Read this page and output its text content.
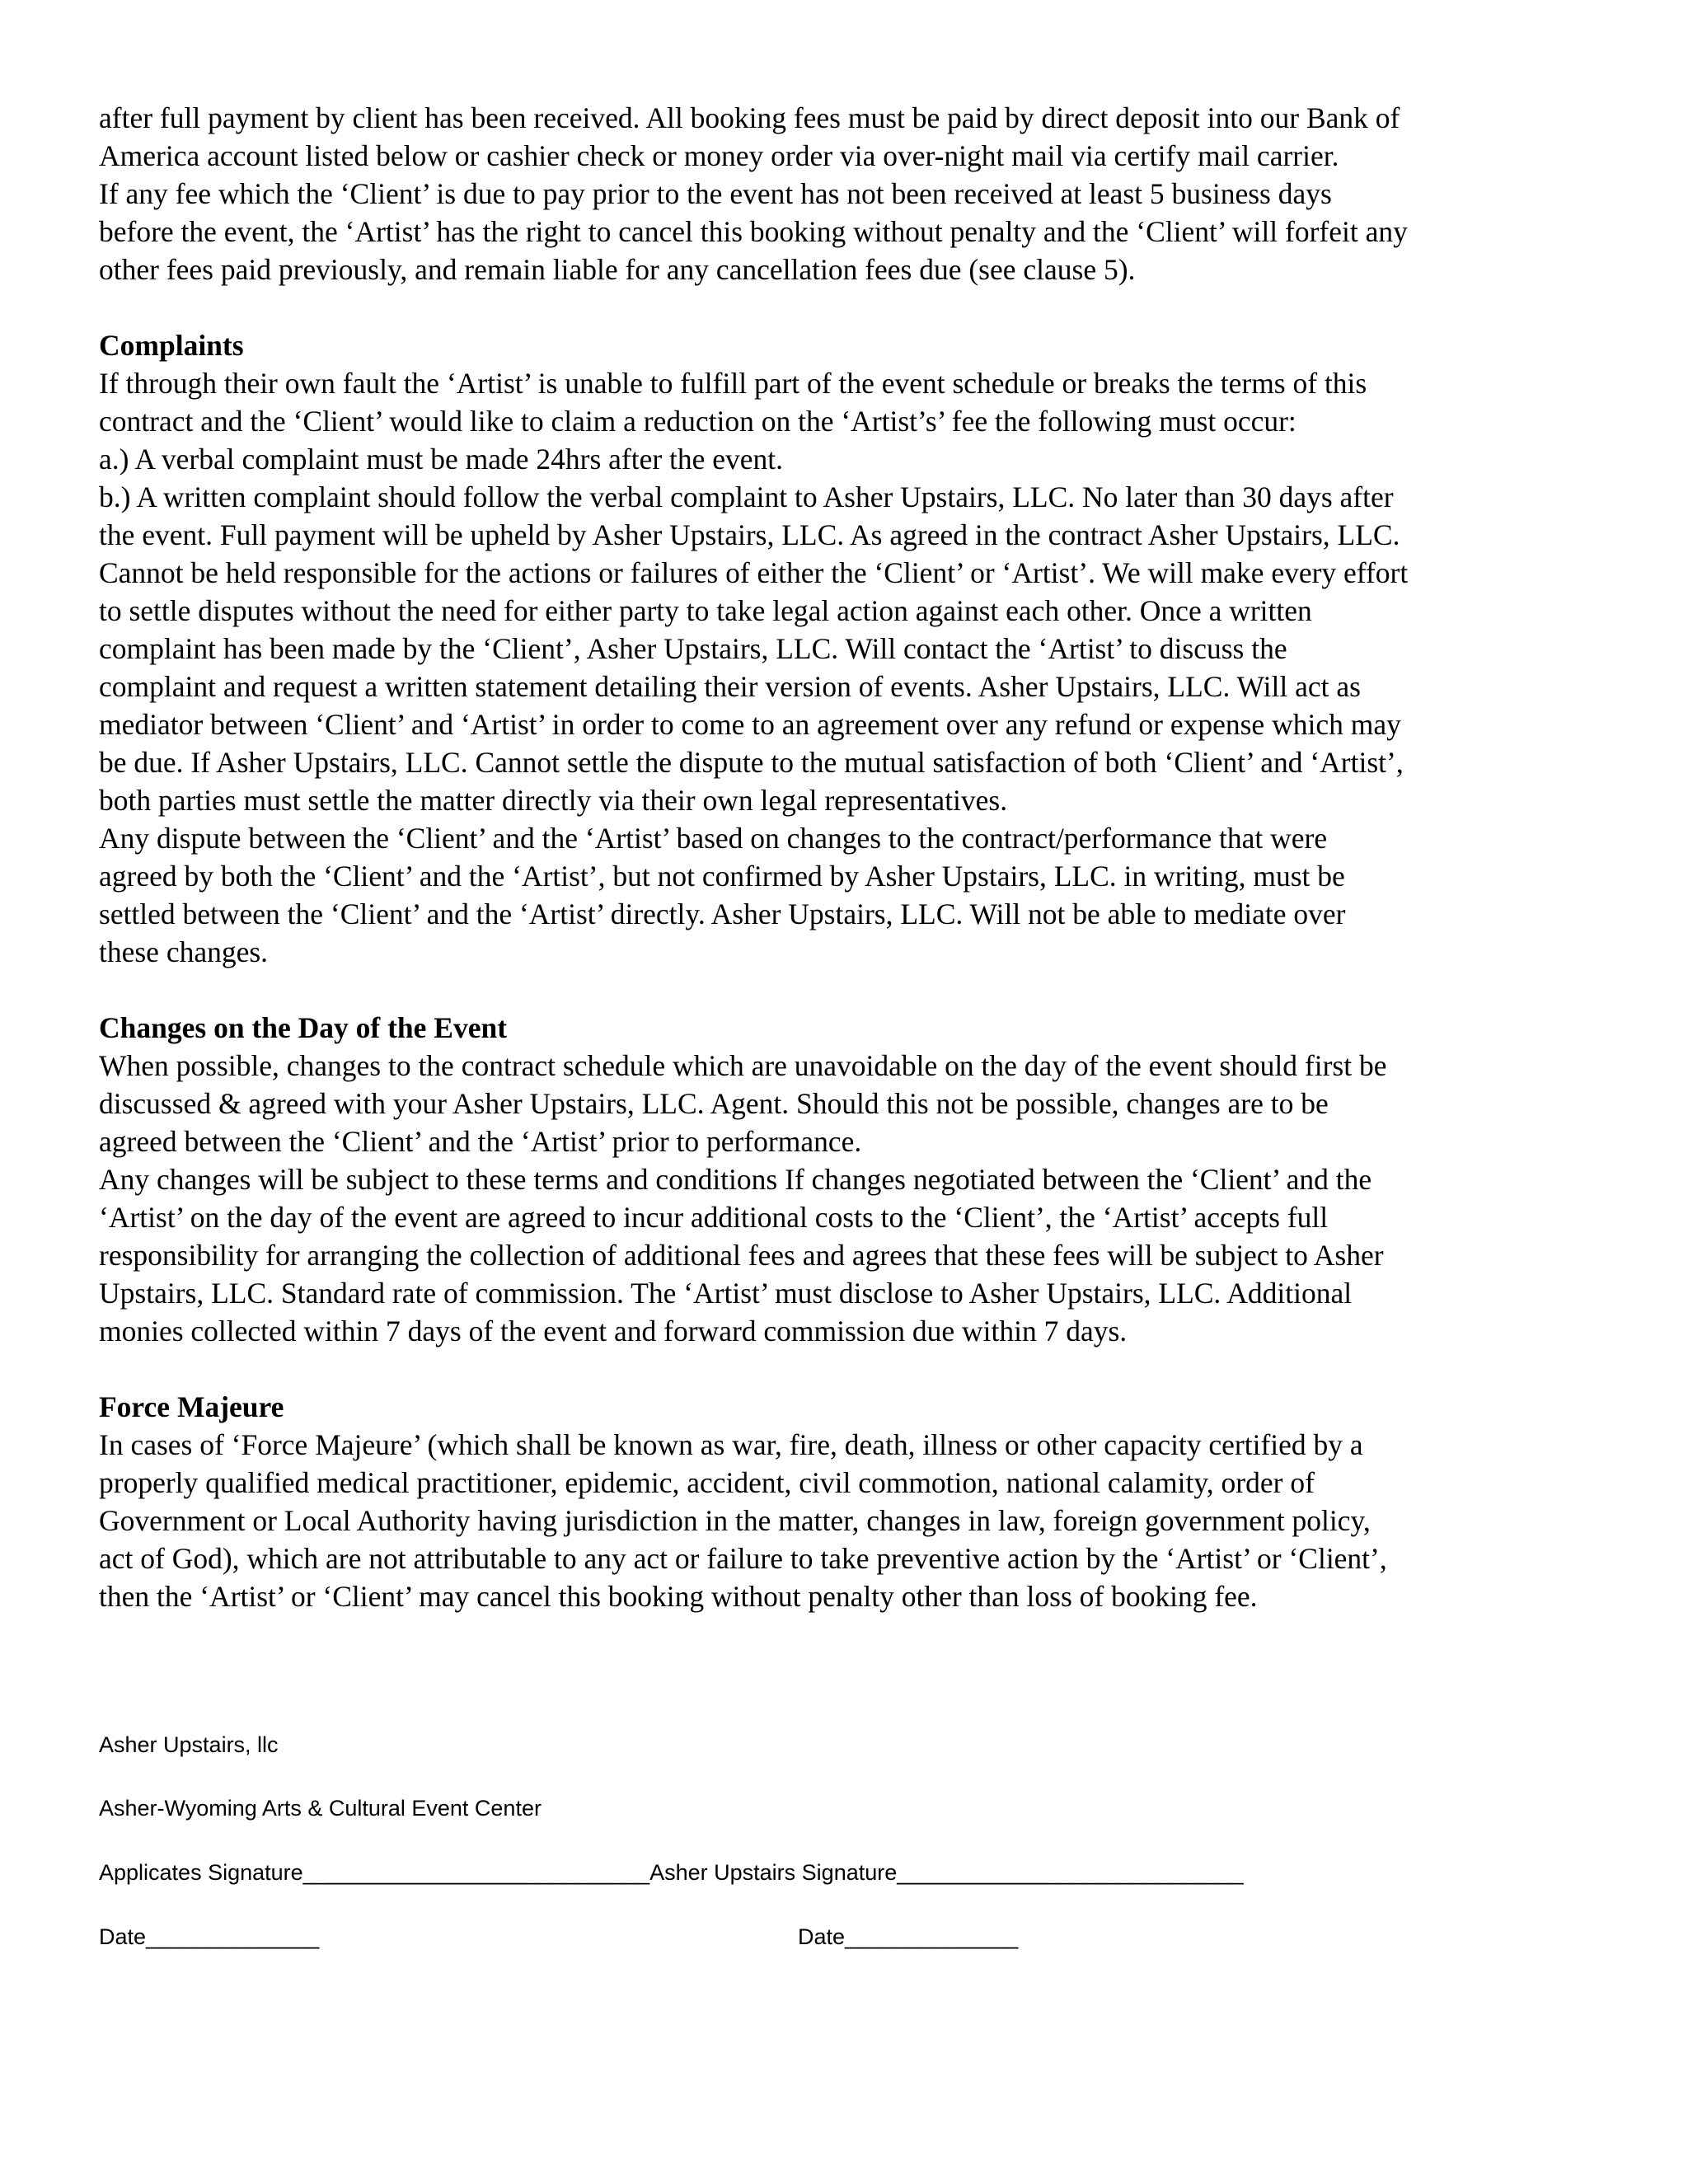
after full payment by client has been received. All booking fees must be paid by direct deposit into our Bank of
America account listed below or cashier check or money order via over-night mail via certify mail carrier.
If any fee which the ‘Client’ is due to pay prior to the event has not been received at least 5 business days
before the event, the ‘Artist’ has the right to cancel this booking without penalty and the ‘Client’ will forfeit any
other fees paid previously, and remain liable for any cancellation fees due (see clause 5).
Complaints
If through their own fault the ‘Artist’ is unable to fulfill part of the event schedule or breaks the terms of this
contract and the ‘Client’ would like to claim a reduction on the ‘Artist’s’ fee the following must occur:
a.) A verbal complaint must be made 24hrs after the event.
b.) A written complaint should follow the verbal complaint to Asher Upstairs, LLC. No later than 30 days after
the event. Full payment will be upheld by Asher Upstairs, LLC. As agreed in the contract Asher Upstairs, LLC.
Cannot be held responsible for the actions or failures of either the ‘Client’ or ‘Artist’. We will make every effort
to settle disputes without the need for either party to take legal action against each other. Once a written
complaint has been made by the ‘Client’, Asher Upstairs, LLC. Will contact the ‘Artist’ to discuss the
complaint and request a written statement detailing their version of events. Asher Upstairs, LLC. Will act as
mediator between ‘Client’ and ‘Artist’ in order to come to an agreement over any refund or expense which may
be due. If Asher Upstairs, LLC. Cannot settle the dispute to the mutual satisfaction of both ‘Client’ and ‘Artist’,
both parties must settle the matter directly via their own legal representatives.
Any dispute between the ‘Client’ and the ‘Artist’ based on changes to the contract/performance that were
agreed by both the ‘Client’ and the ‘Artist’, but not confirmed by Asher Upstairs, LLC. in writing, must be
settled between the ‘Client’ and the ‘Artist’ directly. Asher Upstairs, LLC. Will not be able to mediate over
these changes.
Changes on the Day of the Event
When possible, changes to the contract schedule which are unavoidable on the day of the event should first be
discussed & agreed with your Asher Upstairs, LLC. Agent. Should this not be possible, changes are to be
agreed between the ‘Client’ and the ‘Artist’ prior to performance.
Any changes will be subject to these terms and conditions If changes negotiated between the ‘Client’ and the
‘Artist’ on the day of the event are agreed to incur additional costs to the ‘Client’, the ‘Artist’ accepts full
responsibility for arranging the collection of additional fees and agrees that these fees will be subject to Asher
Upstairs, LLC. Standard rate of commission. The ‘Artist’ must disclose to Asher Upstairs, LLC. Additional
monies collected within 7 days of the event and forward commission due within 7 days.
Force Majeure
In cases of ‘Force Majeure’ (which shall be known as war, fire, death, illness or other capacity certified by a
properly qualified medical practitioner, epidemic, accident, civil commotion, national calamity, order of
Government or Local Authority having jurisdiction in the matter, changes in law, foreign government policy,
act of God), which are not attributable to any act or failure to take preventive action by the ‘Artist’ or ‘Client’,
then the ‘Artist’ or ‘Client’ may cancel this booking without penalty other than loss of booking fee.
Asher Upstairs, llc
Asher-Wyoming Arts & Cultural Event Center
Applicates Signature____________________________Asher Upstairs Signature____________________________
Date______________	Date______________
